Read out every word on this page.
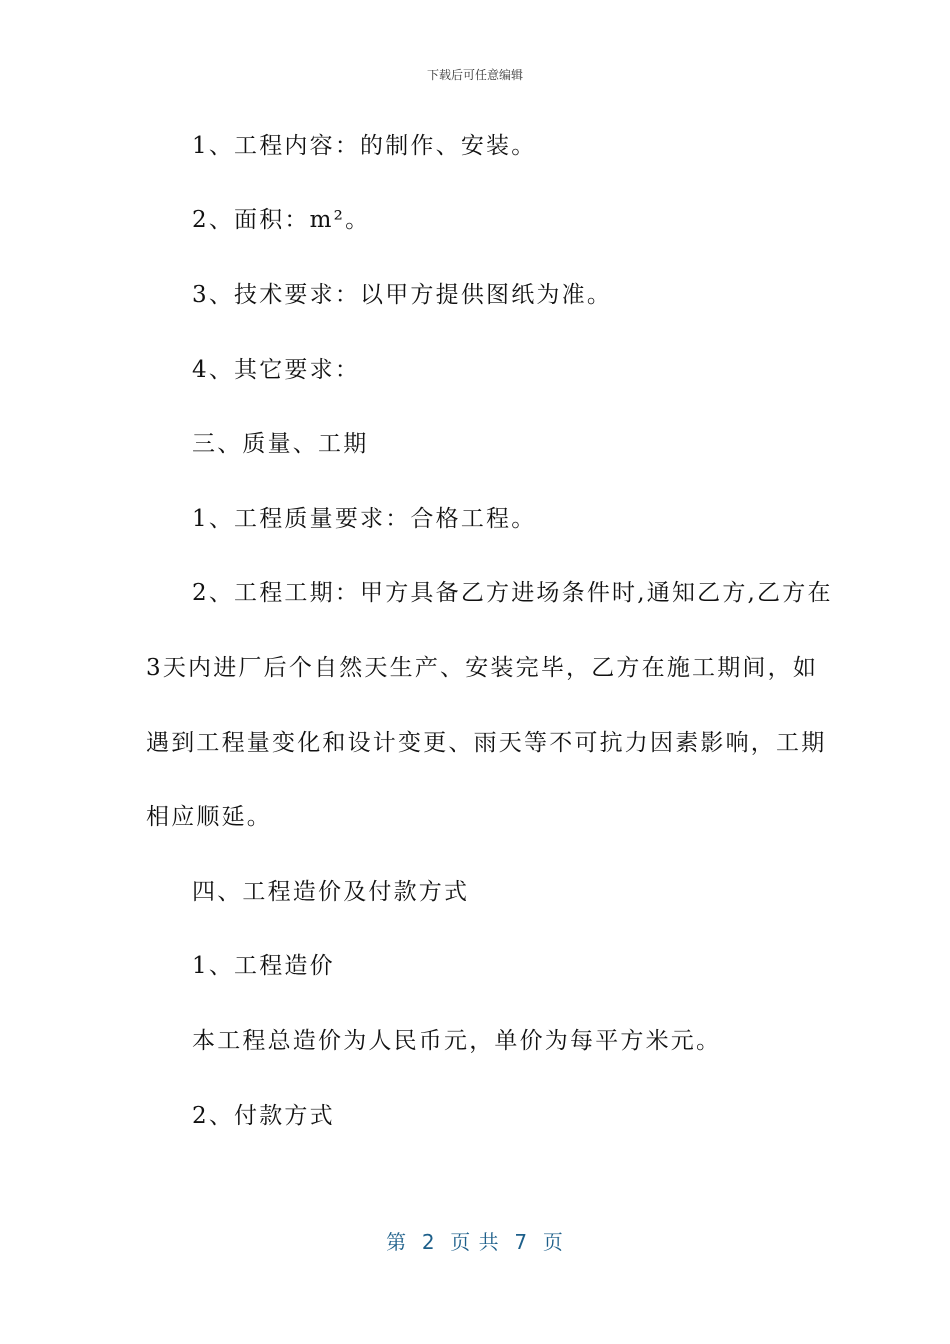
下载后可任意编辑
1、工程内容：的制作、安装。
2、面积：m²。
3、技术要求：以甲方提供图纸为准。
4、其它要求：
三、质量、工期
1、工程质量要求：合格工程。
2、工程工期：甲方具备乙方进场条件时,通知乙方,乙方在
3天内进厂后个自然天生产、安装完毕，乙方在施工期间，如
遇到工程量变化和设计变更、雨天等不可抗力因素影响，工期
相应顺延。
四、工程造价及付款方式
1、工程造价
本工程总造价为人民币元，单价为每平方米元。
2、付款方式
第  2  页 共  7  页
